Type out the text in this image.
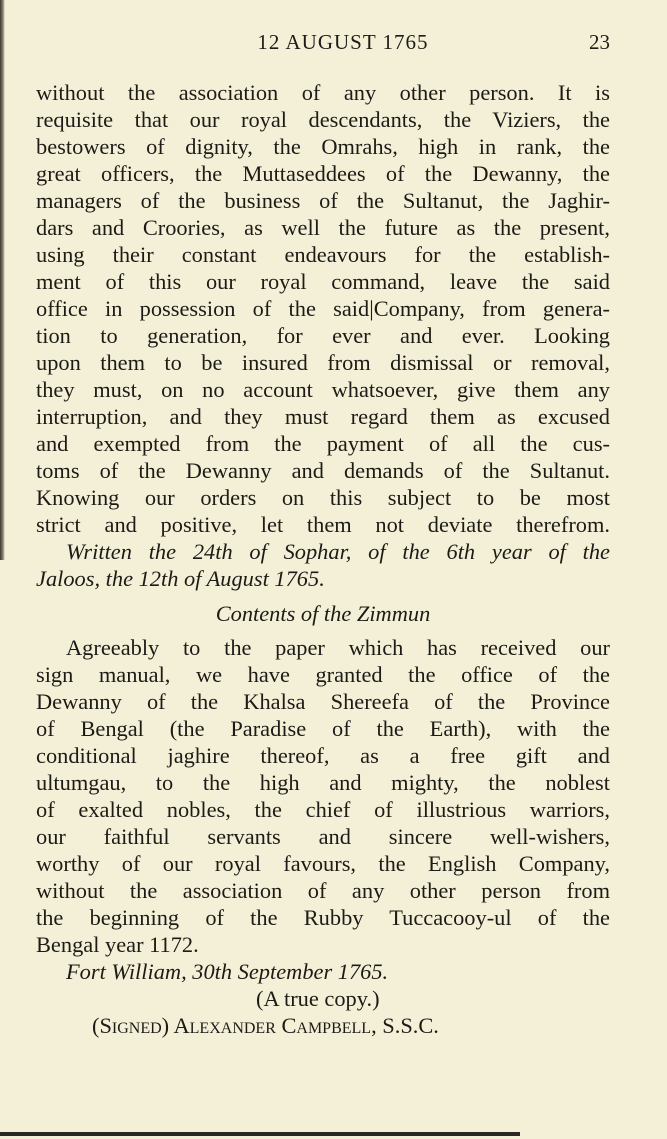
12 AUGUST 1765	23
without the association of any other person. It is
requisite that our royal descendants, the Viziers, the
bestowers of dignity, the Omrahs, high in rank, the
great officers, the Muttaseddees of the Dewanny, the
managers of the business of the Sultanut, the Jaghir-
dars and Croories, as well the future as the present,
using their constant endeavours for the establish-
ment of this our royal command, leave the said
office in possession of the said|Company, from genera-
tion to generation, for ever and ever. Looking
upon them to be insured from dismissal or removal,
they must, on no account whatsoever, give them any
interruption, and they must regard them as excused
and exempted from the payment of all the cus-
toms of the Dewanny and demands of the Sultanut.
Knowing our orders on this subject to be most
strict and positive, let them not deviate therefrom.
Written the 24th of Sophar, of the 6th year of the
Jaloos, the 12th of August 1765.
Contents of the Zimmun
Agreeably to the paper which has received our
sign manual, we have granted the office of the
Dewanny of the Khalsa Shereefa of the Province
of Bengal (the Paradise of the Earth), with the
conditional jaghire thereof, as a free gift and
ultumgau, to the high and mighty, the noblest
of exalted nobles, the chief of illustrious warriors,
our faithful servants and sincere well-wishers,
worthy of our royal favours, the English Company,
without the association of any other person from
the beginning of the Rubby Tuccacooy-ul of the
Bengal year 1172.
Fort William, 30th September 1765.
(A true copy.)
(Signed) Alexander Campbell, S.S.C.
